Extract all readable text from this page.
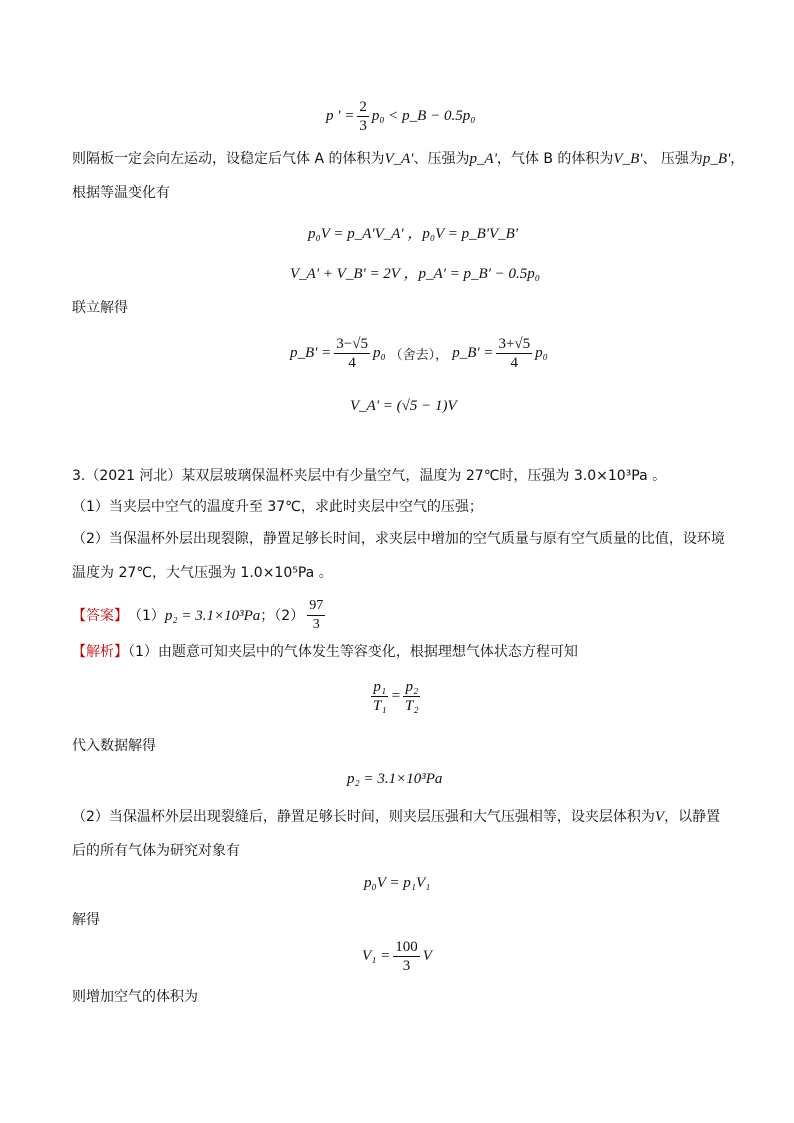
p ' = $\frac{2}{3} p_0$ < p_B − 0.5p₀
则隔板一定会向左运动，设稳定后气体 A 的体积为V_A'、压强为p_A'，气体 B 的体积为V_B'、 压强为p_B'，
根据等温变化有
p₀V = p_A'V_A' ，p₀V = p_B'V_B'
V_A' + V_B' = 2V ，p_A' = p_B' − 0.5p₀
联立解得
p_B' = $\frac{3-√5}{4} p_0$ （舍去）， p_B' = $\frac{3+√5}{4} p_0$
V_A' = (√5 − 1)V
3.（2021 河北）某双层玻璃保温杯夹层中有少量空气，温度为 27℃时，压强为 3.0×10³Pa 。
（1）当夹层中空气的温度升至 37℃，求此时夹层中空气的压强；
（2）当保温杯外层出现裂隙，静置足够长时间，求夹层中增加的空气质量与原有空气质量的比值，设环境
温度为 27℃，大气压强为 1.0×10⁵Pa 。
【答案】 （1） p₂ = 3.1×10³Pa ；$(2) \frac{97}{3}$
【解析】（1）由题意可知夹层中的气体发生等容变化，根据理想气体状态方程可知
$\frac{\text{p₁}}{\text{T₁}} = \frac{\text{p₂}}{\text{T₂}}$
代入数据解得
p₂ = 3.1×10³Pa
（2）当保温杯外层出现裂缝后，静置足够长时间，则夹层压强和大气压强相等，设夹层体积为V，以静置
后的所有气体为研究对象有
p₀V = p₁V₁
解得
$V_1 = \frac{100}{3}$ V
则增加空气的体积为
